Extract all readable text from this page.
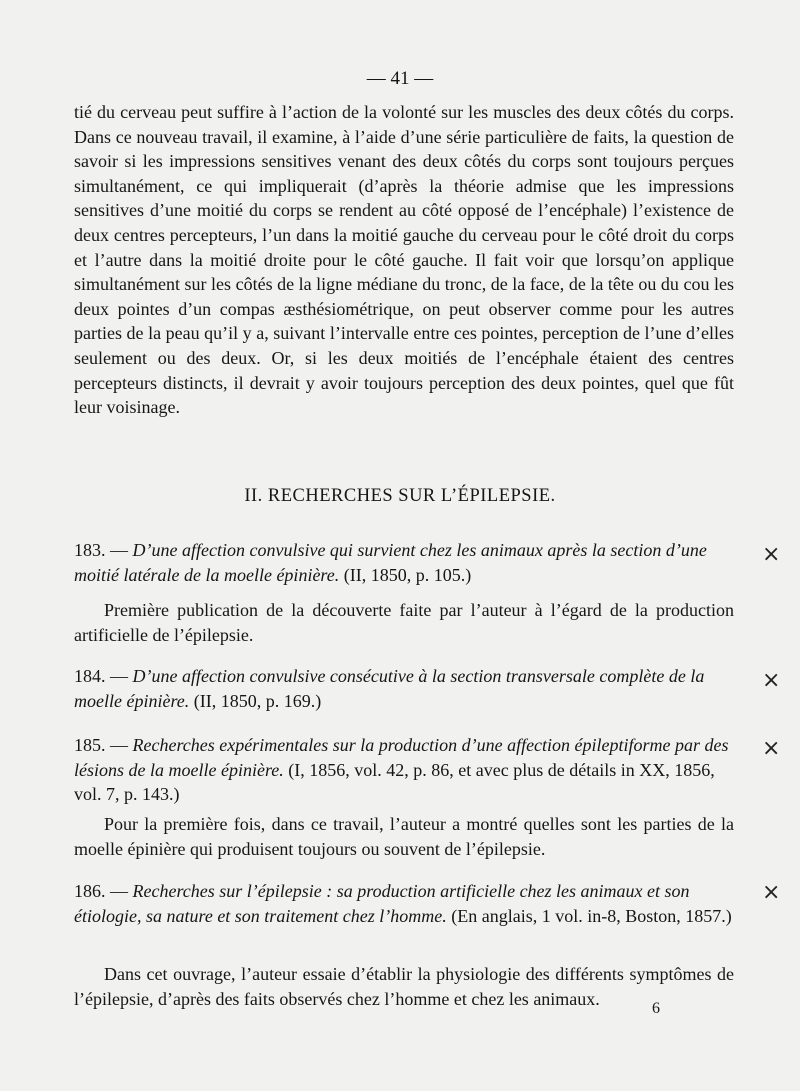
— 41 —

tié du cerveau peut suffire à l’action de la volonté sur les muscles des deux côtés du corps. Dans ce nouveau travail, il examine, à l’aide d’une série particulière de faits, la question de savoir si les impressions sensitives venant des deux côtés du corps sont toujours perçues simultanément, ce qui impliquerait (d’après la théorie admise que les impressions sensitives d’une moitié du corps se rendent au côté opposé de l’encéphale) l’existence de deux centres percepteurs, l’un dans la moitié gauche du cerveau pour le côté droit du corps et l’autre dans la moitié droite pour le côté gauche. Il fait voir que lorsqu’on applique simultanément sur les côtés de la ligne médiane du tronc, de la face, de la tête ou du cou les deux pointes d’un compas æsthésiométrique, on peut observer comme pour les autres parties de la peau qu’il y a, suivant l’intervalle entre ces pointes, perception de l’une d’elles seulement ou des deux. Or, si les deux moitiés de l’encéphale étaient des centres percepteurs distincts, il devrait y avoir toujours perception des deux pointes, quel que fût leur voisinage.

II. RECHERCHES SUR L’ÉPILEPSIE.
183. — D’une affection convulsive qui survient chez les animaux après la section d’une moitié latérale de la moelle épinière. (II, 1850, p. 105.)
×
Première publication de la découverte faite par l’auteur à l’égard de la production artificielle de l’épilepsie.
184. — D’une affection convulsive consécutive à la section transversale complète de la moelle épinière. (II, 1850, p. 169.)
×
185. — Recherches expérimentales sur la production d’une affection épileptiforme par des lésions de la moelle épinière. (I, 1856, vol. 42, p. 86, et avec plus de détails in XX, 1856, vol. 7, p. 143.)
×
Pour la première fois, dans ce travail, l’auteur a montré quelles sont les parties de la moelle épinière qui produisent toujours ou souvent de l’épilepsie.
186. — Recherches sur l’épilepsie : sa production artificielle chez les animaux et son étiologie, sa nature et son traitement chez l’homme. (En anglais, 1 vol. in-8, Boston, 1857.)
×
Dans cet ouvrage, l’auteur essaie d’établir la physiologie des différents symptômes de l’épilepsie, d’après des faits observés chez l’homme et chez les animaux.	6
